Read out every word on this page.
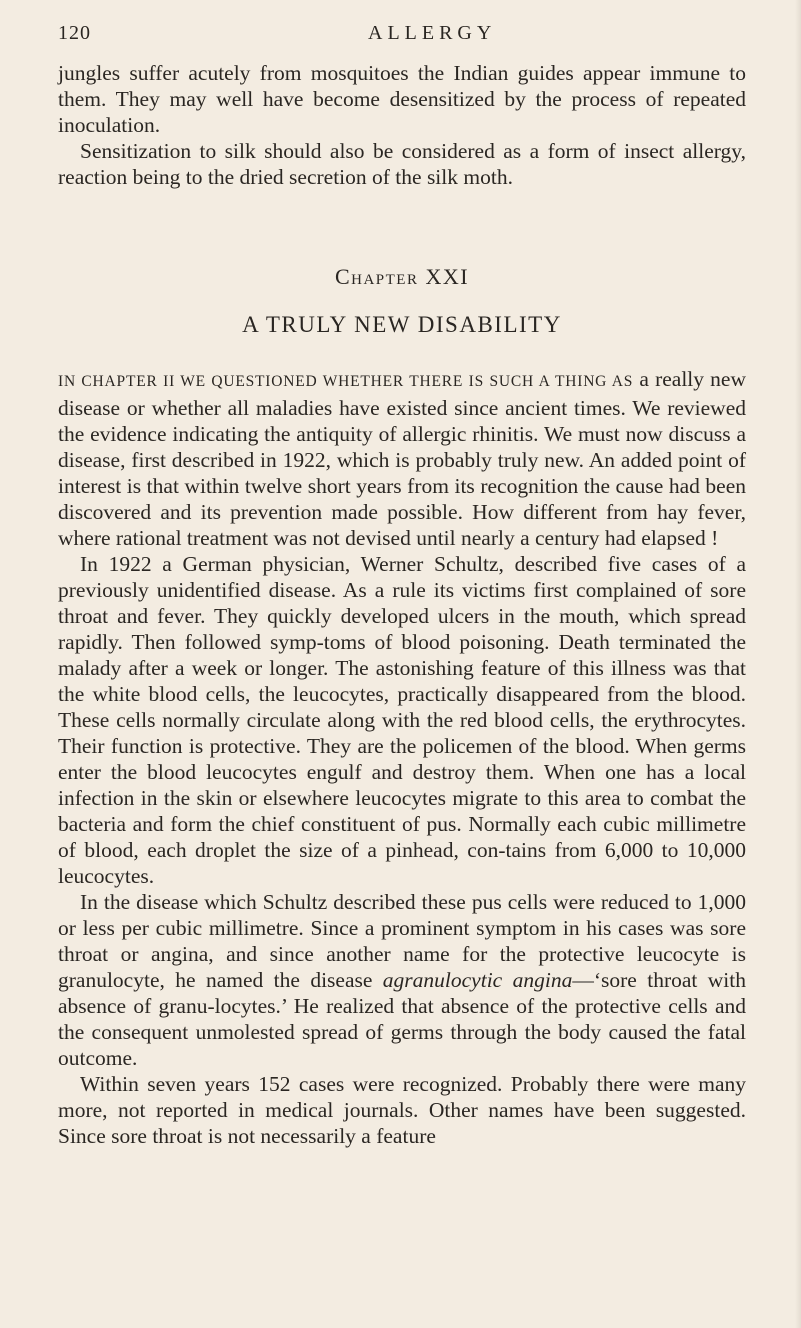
120	ALLERGY

jungles suffer acutely from mosquitoes the Indian guides appear immune to them. They may well have become desensitized by the process of repeated inoculation.

Sensitization to silk should also be considered as a form of insect allergy, reaction being to the dried secretion of the silk moth.

Chapter XXI
A TRULY NEW DISABILITY

IN CHAPTER II WE QUESTIONED WHETHER THERE IS SUCH A THING AS a really new disease or whether all maladies have existed since ancient times. We reviewed the evidence indicating the antiquity of allergic rhinitis. We must now discuss a disease, first described in 1922, which is probably truly new. An added point of interest is that within twelve short years from its recognition the cause had been discovered and its prevention made possible. How different from hay fever, where rational treatment was not devised until nearly a century had elapsed !

In 1922 a German physician, Werner Schultz, described five cases of a previously unidentified disease. As a rule its victims first complained of sore throat and fever. They quickly developed ulcers in the mouth, which spread rapidly. Then followed symp-toms of blood poisoning. Death terminated the malady after a week or longer. The astonishing feature of this illness was that the white blood cells, the leucocytes, practically disappeared from the blood. These cells normally circulate along with the red blood cells, the erythrocytes. Their function is protective. They are the policemen of the blood. When germs enter the blood leucocytes engulf and destroy them. When one has a local infection in the skin or elsewhere leucocytes migrate to this area to combat the bacteria and form the chief constituent of pus. Normally each cubic millimetre of blood, each droplet the size of a pinhead, con-tains from 6,000 to 10,000 leucocytes.

In the disease which Schultz described these pus cells were reduced to 1,000 or less per cubic millimetre. Since a prominent symptom in his cases was sore throat or angina, and since another name for the protective leucocyte is granulocyte, he named the disease agranulocytic angina—‘sore throat with absence of granu-locytes.’ He realized that absence of the protective cells and the consequent unmolested spread of germs through the body caused the fatal outcome.

Within seven years 152 cases were recognized. Probably there were many more, not reported in medical journals. Other names have been suggested. Since sore throat is not necessarily a feature
